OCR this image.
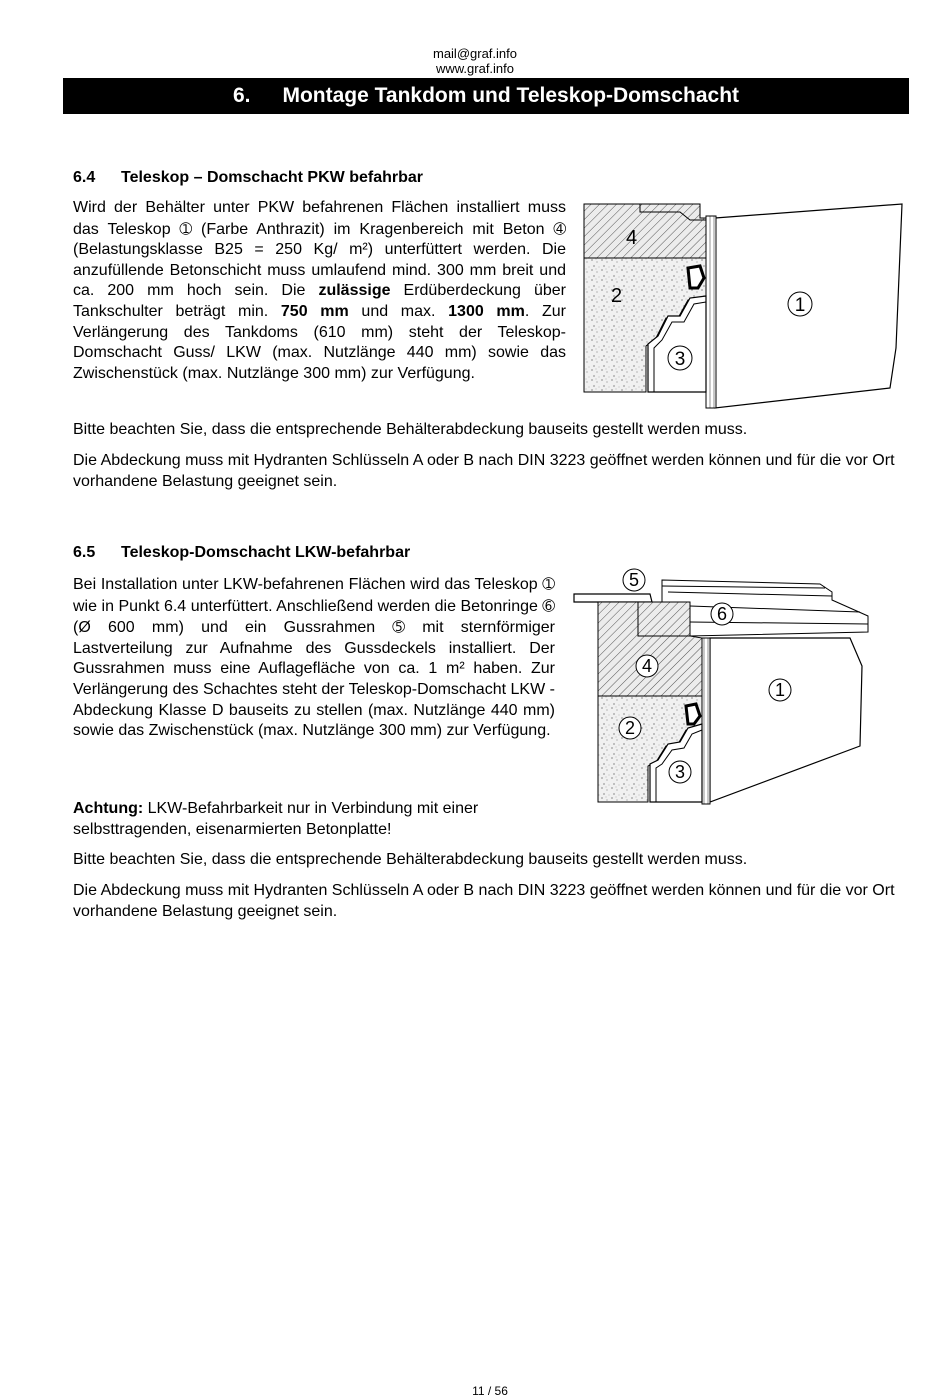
mail@graf.info
www.graf.info
6. Montage Tankdom und Teleskop-Domschacht
6.4 Teleskop – Domschacht PKW befahrbar
Wird der Behälter unter PKW befahrenen Flächen installiert muss das Teleskop ➀ (Farbe Anthrazit) im Kragenbereich mit Beton ➃ (Belastungsklasse B25 = 250 Kg/ m²) unterfüttert werden. Die anzufüllende Betonschicht muss umlaufend mind. 300 mm breit und ca. 200 mm hoch sein. Die zulässige Erdüberdeckung über Tankschulter beträgt min. 750 mm und max. 1300 mm. Zur Verlängerung des Tankdoms (610 mm) steht der Teleskop-Domschacht Guss/ LKW (max. Nutzlänge 440 mm) sowie das Zwischenstück (max. Nutzlänge 300 mm) zur Verfügung.
4
2	1
3
Bitte beachten Sie, dass die entsprechende Behälterabdeckung bauseits gestellt werden muss.
Die Abdeckung muss mit Hydranten Schlüsseln A oder B nach DIN 3223 geöffnet werden können und für die vor Ort vorhandene Belastung geeignet sein.
6.5 Teleskop-Domschacht LKW-befahrbar
Bei Installation unter LKW-befahrenen Flächen wird das Teleskop ➀ wie in Punkt 6.4 unterfüttert. Anschließend werden die Betonringe ➅ (Ø 600 mm) und ein Gussrahmen ➄ mit sternförmiger Lastverteilung zur Aufnahme des Gussdeckels installiert. Der Gussrahmen muss eine Auflagefläche von ca. 1 m² haben. Zur Verlängerung des Schachtes steht der Teleskop-Domschacht LKW - Abdeckung Klasse D bauseits zu stellen (max. Nutzlänge 440 mm) sowie das Zwischenstück (max. Nutzlänge 300 mm) zur Verfügung.
5
6
4
2
1
3
Achtung: LKW-Befahrbarkeit nur in Verbindung mit einer selbsttragenden, eisenarmierten Betonplatte!
Bitte beachten Sie, dass die entsprechende Behälterabdeckung bauseits gestellt werden muss.
Die Abdeckung muss mit Hydranten Schlüsseln A oder B nach DIN 3223 geöffnet werden können und für die vor Ort vorhandene Belastung geeignet sein.
11 / 56
